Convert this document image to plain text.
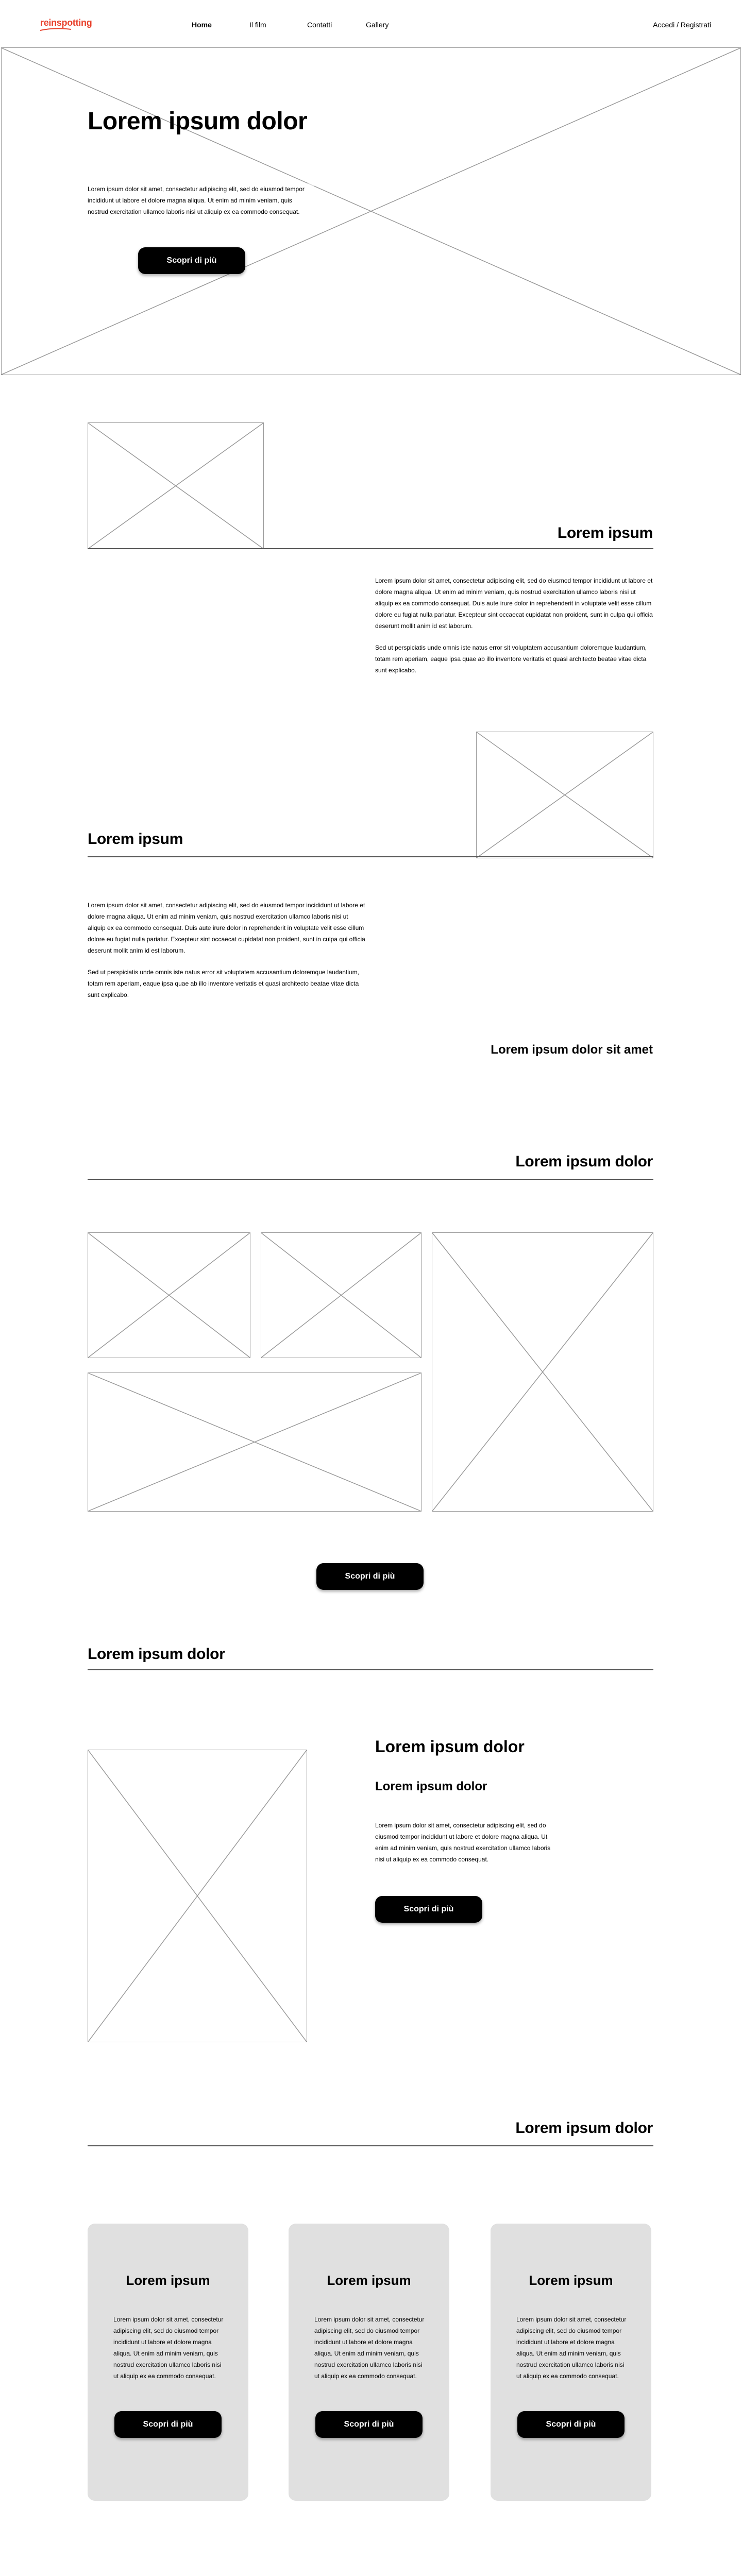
reinspotting	Home	Il film	Contatti	Gallery	Accedi / Registrati
Lorem ipsum dolor

Lorem ipsum dolor sit amet, consectetur adipiscing elit, sed do eiusmod tempor incididunt ut labore et dolore magna aliqua. Ut enim ad minim veniam, quis nostrud exercitation ullamco laboris nisi ut aliquip ex ea commodo consequat.

Scopri di più
Lorem ipsum

Lorem ipsum dolor sit amet, consectetur adipiscing elit, sed do eiusmod tempor incididunt ut labore et dolore magna aliqua. Ut enim ad minim veniam, quis nostrud exercitation ullamco laboris nisi ut aliquip ex ea commodo consequat. Duis aute irure dolor in reprehenderit in voluptate velit esse cillum dolore eu fugiat nulla pariatur. Excepteur sint occaecat cupidatat non proident, sunt in culpa qui officia deserunt mollit anim id est laborum.

Sed ut perspiciatis unde omnis iste natus error sit voluptatem accusantium doloremque laudantium, totam rem aperiam, eaque ipsa quae ab illo inventore veritatis et quasi architecto beatae vitae dicta sunt explicabo.

Lorem ipsum

Lorem ipsum dolor sit amet, consectetur adipiscing elit, sed do eiusmod tempor incididunt ut labore et dolore magna aliqua. Ut enim ad minim veniam, quis nostrud exercitation ullamco laboris nisi ut aliquip ex ea commodo consequat. Duis aute irure dolor in reprehenderit in voluptate velit esse cillum dolore eu fugiat nulla pariatur. Excepteur sint occaecat cupidatat non proident, sunt in culpa qui officia deserunt mollit anim id est laborum.

Sed ut perspiciatis unde omnis iste natus error sit voluptatem accusantium doloremque laudantium, totam rem aperiam, eaque ipsa quae ab illo inventore veritatis et quasi architecto beatae vitae dicta sunt explicabo.

Lorem ipsum dolor sit amet
Lorem ipsum dolor
Scopri di più
Lorem ipsum dolor
Lorem ipsum dolor
Lorem ipsum dolor

Lorem ipsum dolor sit amet, consectetur adipiscing elit, sed do eiusmod tempor incididunt ut labore et dolore magna aliqua. Ut enim ad minim veniam, quis nostrud exercitation ullamco laboris nisi ut aliquip ex ea commodo consequat.

Scopri di più
Lorem ipsum dolor
Lorem ipsum

Lorem ipsum dolor sit amet, consectetur adipiscing elit, sed do eiusmod tempor incididunt ut labore et dolore magna aliqua. Ut enim ad minim veniam, quis nostrud exercitation ullamco laboris nisi ut aliquip ex ea commodo consequat.

Scopri di più
Lorem ipsum

Lorem ipsum dolor sit amet, consectetur adipiscing elit, sed do eiusmod tempor incididunt ut labore et dolore magna aliqua. Ut enim ad minim veniam, quis nostrud exercitation ullamco laboris nisi ut aliquip ex ea commodo consequat.

Scopri di più
Lorem ipsum

Lorem ipsum dolor sit amet, consectetur adipiscing elit, sed do eiusmod tempor incididunt ut labore et dolore magna aliqua. Ut enim ad minim veniam, quis nostrud exercitation ullamco laboris nisi ut aliquip ex ea commodo consequat.

Scopri di più
